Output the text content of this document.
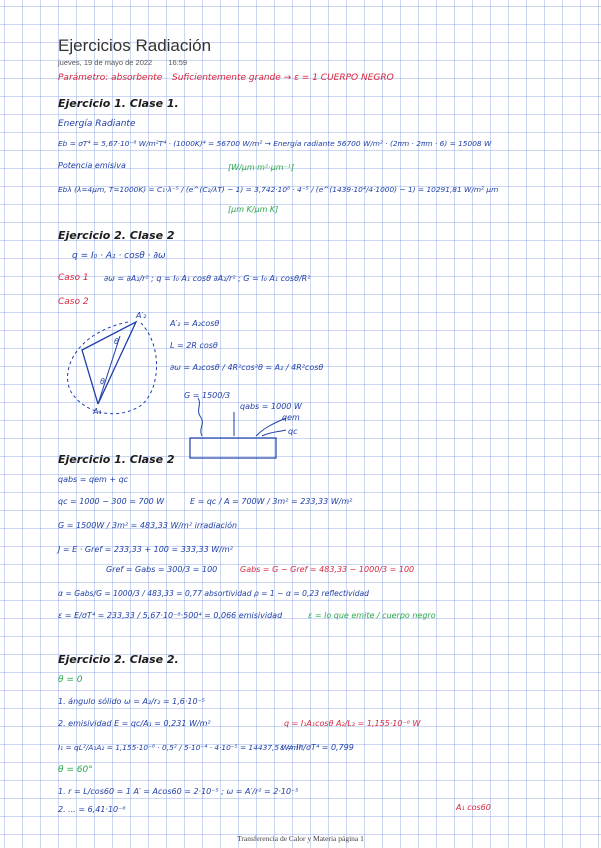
Ejercicios Radiación
jueves, 19 de mayo de 2022 16:59
Parámetro: absorbente Suficientemente grande → ε = 1 CUERPO NEGRO
Ejercicio 1. Clase 1.
Energía Radiante
Eb = σT⁴ = 5,67·10⁻⁸ W/m²T⁴ · (1000K)⁴ = 56700 W/m² → Energía radiante 56700 W/m² · (2πm · 2πm · 6) = 15008 W
Potencia emisiva	[W/μm·m²·μm⁻¹]
Ebλ (λ=4μm, T=1000K) = C₁·λ⁻⁵ / (e^(C₂/λT) − 1) = 3,742·10⁸ · 4⁻⁵ / (e^(1439·10⁴/4·1000) − 1) = 10291,81 W/m² μm
[μm K/μm K]
Ejercicio 2. Clase 2
q = I₀ · A₁ · cosθ · ∂ω
Caso 1 ∂ω = ∂A₂/r² ; q = I₀ A₁ cosθ ∂A₂/r² ; G = I₀ A₁ cosθ/R²
Caso 2
A′₂
A₁
θ
θ
A′₂ = A₂cosθ
L = 2R cosθ
∂ω = A₂cosθ / 4R²cos²θ = A₂ / 4R²cosθ
G = 1500/3
qabs = 1000 W
qem
qc
Ejercicio 1. Clase 2
qabs = qem + qc
qc = 1000 − 300 = 700 W	E = qc / A = 700W / 3m² = 233,33 W/m²
G = 1500W / 3m² = 483,33 W/m² irradiación
J = E · Gref = 233,33 + 100 = 333,33 W/m²
Gref = Gabs = 300/3 = 100	Gabs = G − Gref = 483,33 − 1000/3 = 100
α = Gabs/G = 1000/3 / 483,33 = 0,77 absortividad ρ = 1 − α = 0,23 reflectividad
ε = E/σT⁴ = 233,33 / 5,67·10⁻⁸·500⁴ = 0,066 emisividad	ε = lo que emite / cuerpo negro
Ejercicio 2. Clase 2.
θ = 0
1. ángulo sólido ω = A₂/r₂ = 1,6·10⁻⁵
2. emisividad E = qc/A₁ = 0,231 W/m²	q = I₁A₁cosθ A₂/L₂ = 1,155·10⁻⁶ W
I₁ = qL²/A₁A₂ = 1,155·10⁻⁶ · 0,5² / 5·10⁻⁴ · 4·10⁻⁵ = 14437,5 W/m²
ε = Iπ/σT⁴ = 0,799
θ = 60°
1. r = L/cos60 = 1 A′ = Acos60 = 2·10⁻⁵ ; ω = A′/r² = 2·10⁻⁵
2. ... = 6,41·10⁻⁶	A₁ cos60
Transferencia de Calor y Materia página 1
